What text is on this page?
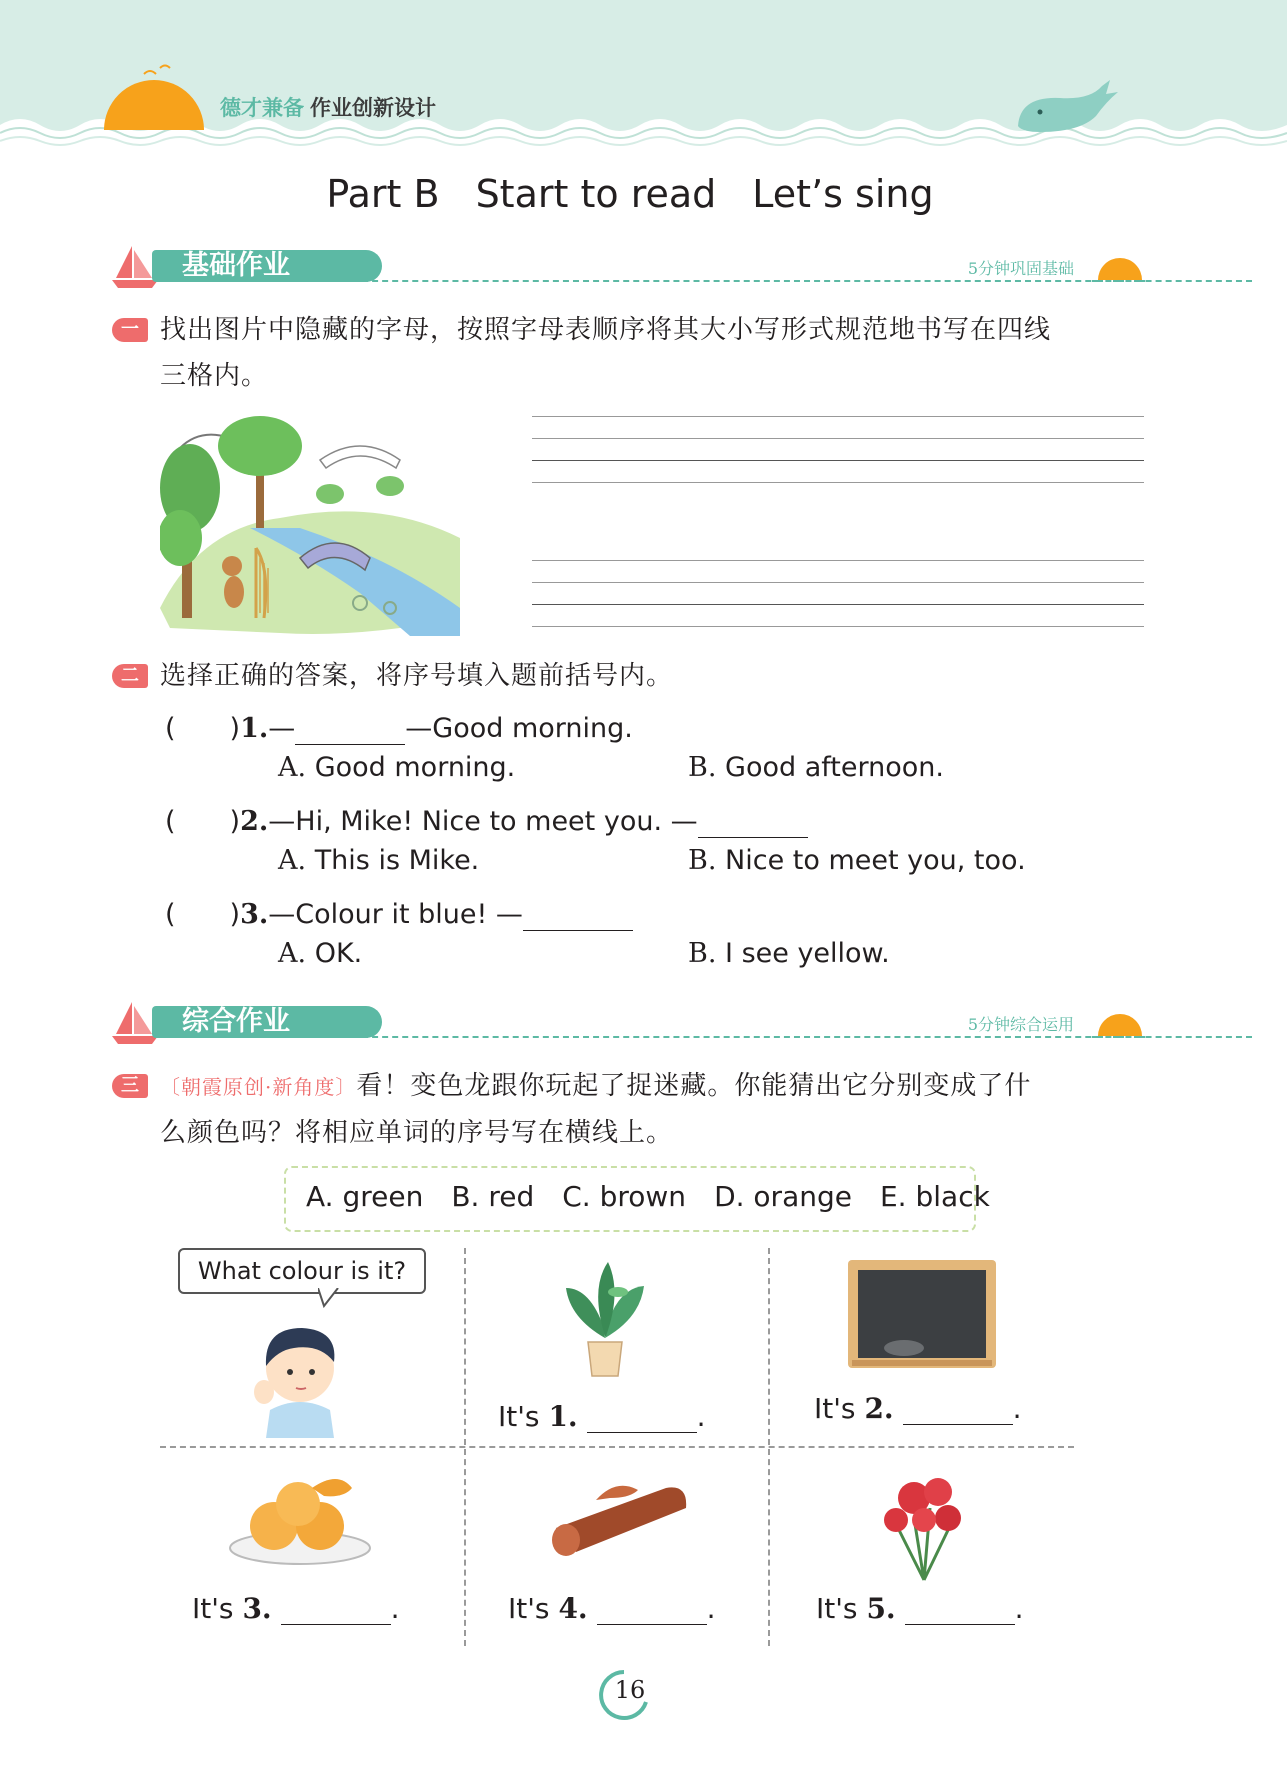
德才兼备 作业创新设计
Part B Start to read Let’s sing
基础作业	5分钟巩固基础
一 找出图片中隐藏的字母，按照字母表顺序将其大小写形式规范地书写在四线
三格内。
二 选择正确的答案，将序号填入题前括号内。
(　　)1.—	—Good morning.
A. Good morning.	B. Good afternoon.
(　　)2.—Hi, Mike! Nice to meet you. —
A. This is Mike.	B. Nice to meet you, too.
(　　)3.—Colour it blue! —
A. OK.	B. I see yellow.
综合作业	5分钟综合运用
三	〔朝霞原创·新角度〕看！变色龙跟你玩起了捉迷藏。你能猜出它分别变成了什
么颜色吗？将相应单词的序号写在横线上。
A. green B. red C. brown D. orange E. black
What colour is it?
It's 1.	.	It's 2.	.
It's 3.	.	It's 4.	.	It's 5.	.
16
